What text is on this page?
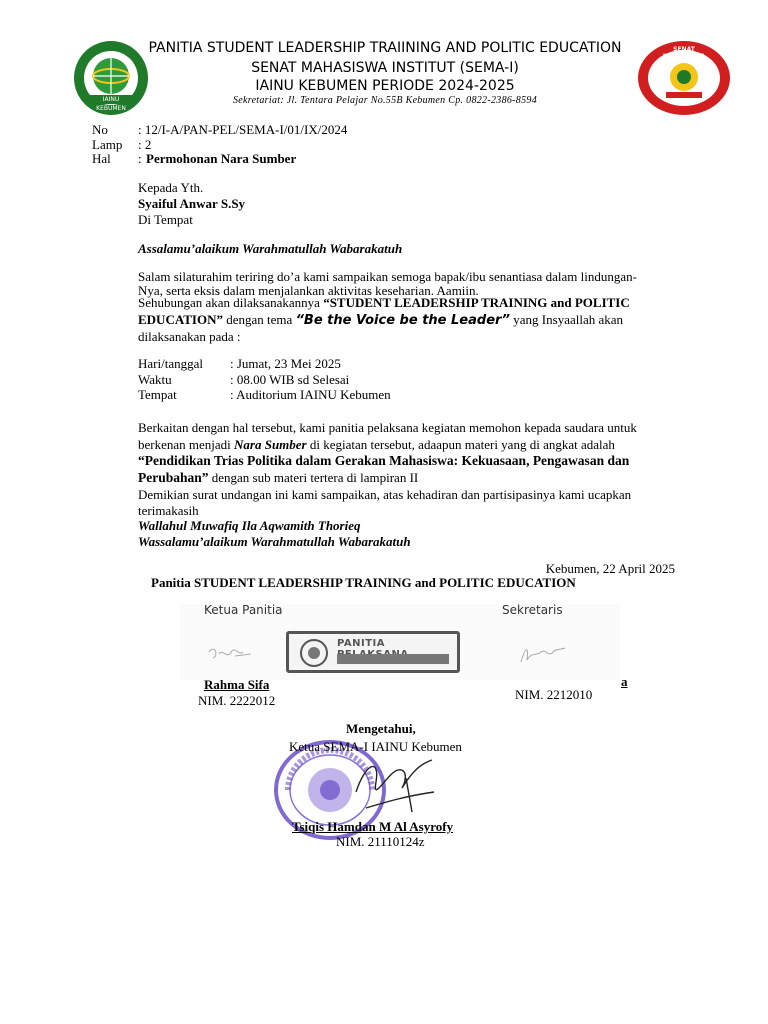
IAINU KEBUMEN
PANITIA STUDENT LEADERSHIP TRAIINING AND POLITIC EDUCATION
SENAT MAHASISWA INSTITUT (SEMA-I)
IAINU KEBUMEN PERIODE 2024-2025
Sekretariat: Jl. Tentara Pelajar No.55B Kebumen Cp. 0822-2386-8594
SENAT MAHASISWA
No : 12/I-A/PAN-PEL/SEMA-I/01/IX/2024
Lamp : 2
Hal : Permohonan Nara Sumber
Kepada Yth.
Syaiful Anwar S.Sy
Di Tempat
Assalamu’alaikum Warahmatullah Wabarakatuh
Salam silaturahim teriring do’a kami sampaikan semoga bapak/ibu senantiasa dalam lindungan-
Nya, serta eksis dalam menjalankan aktivitas keseharian. Aamiin.
Sehubungan akan dilaksanakannya “STUDENT LEADERSHIP TRAINING and POLITIC EDUCATION” dengan tema “Be the Voice be the Leader” yang Insyaallah akan dilaksanakan pada :
Hari/tanggal : Jumat, 23 Mei 2025
Waktu	: 08.00 WIB sd Selesai
Tempat	: Auditorium IAINU Kebumen
Berkaitan dengan hal tersebut, kami panitia pelaksana kegiatan memohon kepada saudara untuk berkenan menjadi Nara Sumber di kegiatan tersebut, adaapun materi yang di angkat adalah “Pendidikan Trias Politika dalam Gerakan Mahasiswa: Kekuasaan, Pengawasan dan Perubahan” dengan sub materi tertera di lampiran II
Demikian surat undangan ini kami sampaikan, atas kehadiran dan partisipasinya kami ucapkan terimakasih
Wallahul Muwafiq Ila Aqwamith Thorieq
Wassalamu’alaikum Warahmatullah Wabarakatuh
Kebumen, 22 April 2025
Panitia STUDENT LEADERSHIP TRAINING and POLITIC EDUCATION
Ketua Panitia	Sekretaris
PANITIA
Rahma Sifa
NIM. 2222012
a
NIM. 2212010
Mengetahui,
Ketua SEMA-I IAINU Kebumen
Tsiqis Hamdan M Al Asyrofy
NIM. 21110124z
